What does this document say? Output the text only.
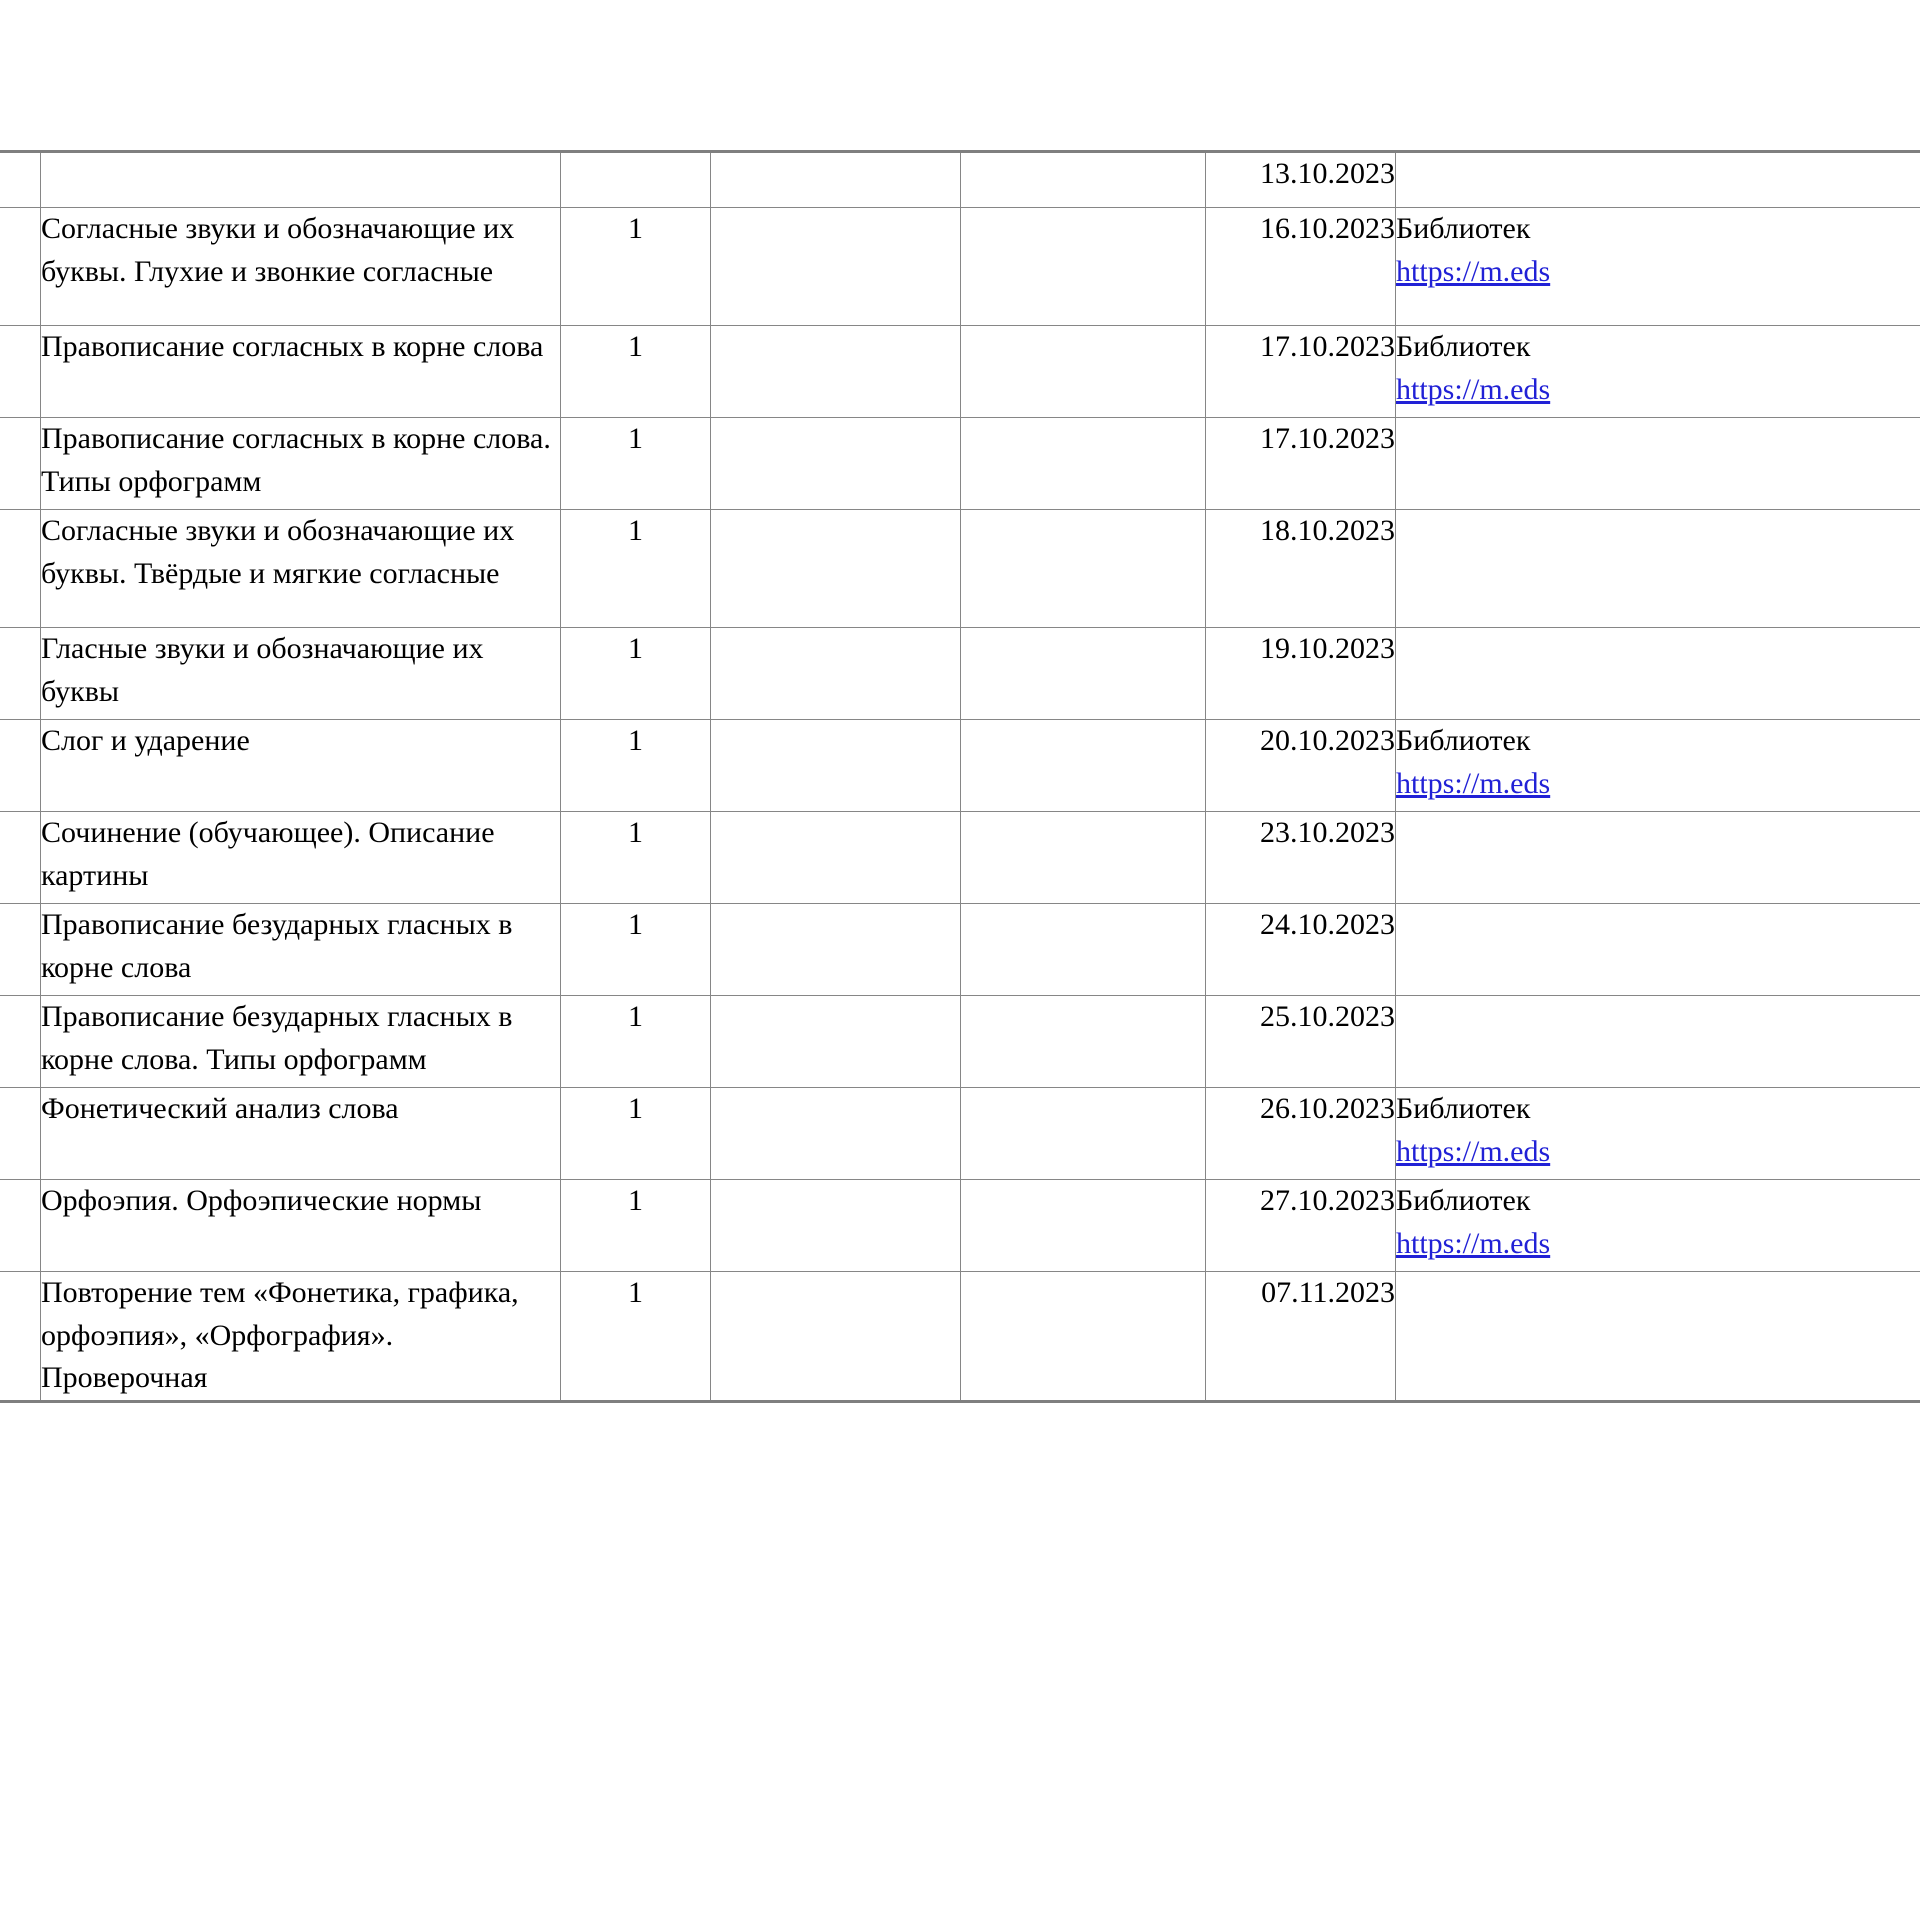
					13.10.2023	
	Согласные звуки и обозначающие их буквы. Глухие и звонкие согласные	1			16.10.2023	Библиотек
https://m.eds

	Правописание согласных в корне слова	1			17.10.2023	Библиотек
https://m.eds

	Правописание согласных в корне слова. Типы орфограмм	1			17.10.2023	
	Согласные звуки и обозначающие их буквы. Твёрдые и мягкие согласные	1			18.10.2023	
	Гласные звуки и обозначающие их буквы	1			19.10.2023	
	Слог и ударение	1			20.10.2023	Библиотек
https://m.eds

	Сочинение (обучающее). Описание картины	1			23.10.2023	
	Правописание безударных гласных в корне слова	1			24.10.2023	
	Правописание безударных гласных в корне слова. Типы орфограмм	1			25.10.2023	
	Фонетический анализ слова	1			26.10.2023	Библиотек
https://m.eds

	Орфоэпия. Орфоэпические нормы	1			27.10.2023	Библиотек
https://m.eds

	Повторение тем «Фонетика, графика, орфоэпия», «Орфография». Проверочная	1			07.11.2023	
